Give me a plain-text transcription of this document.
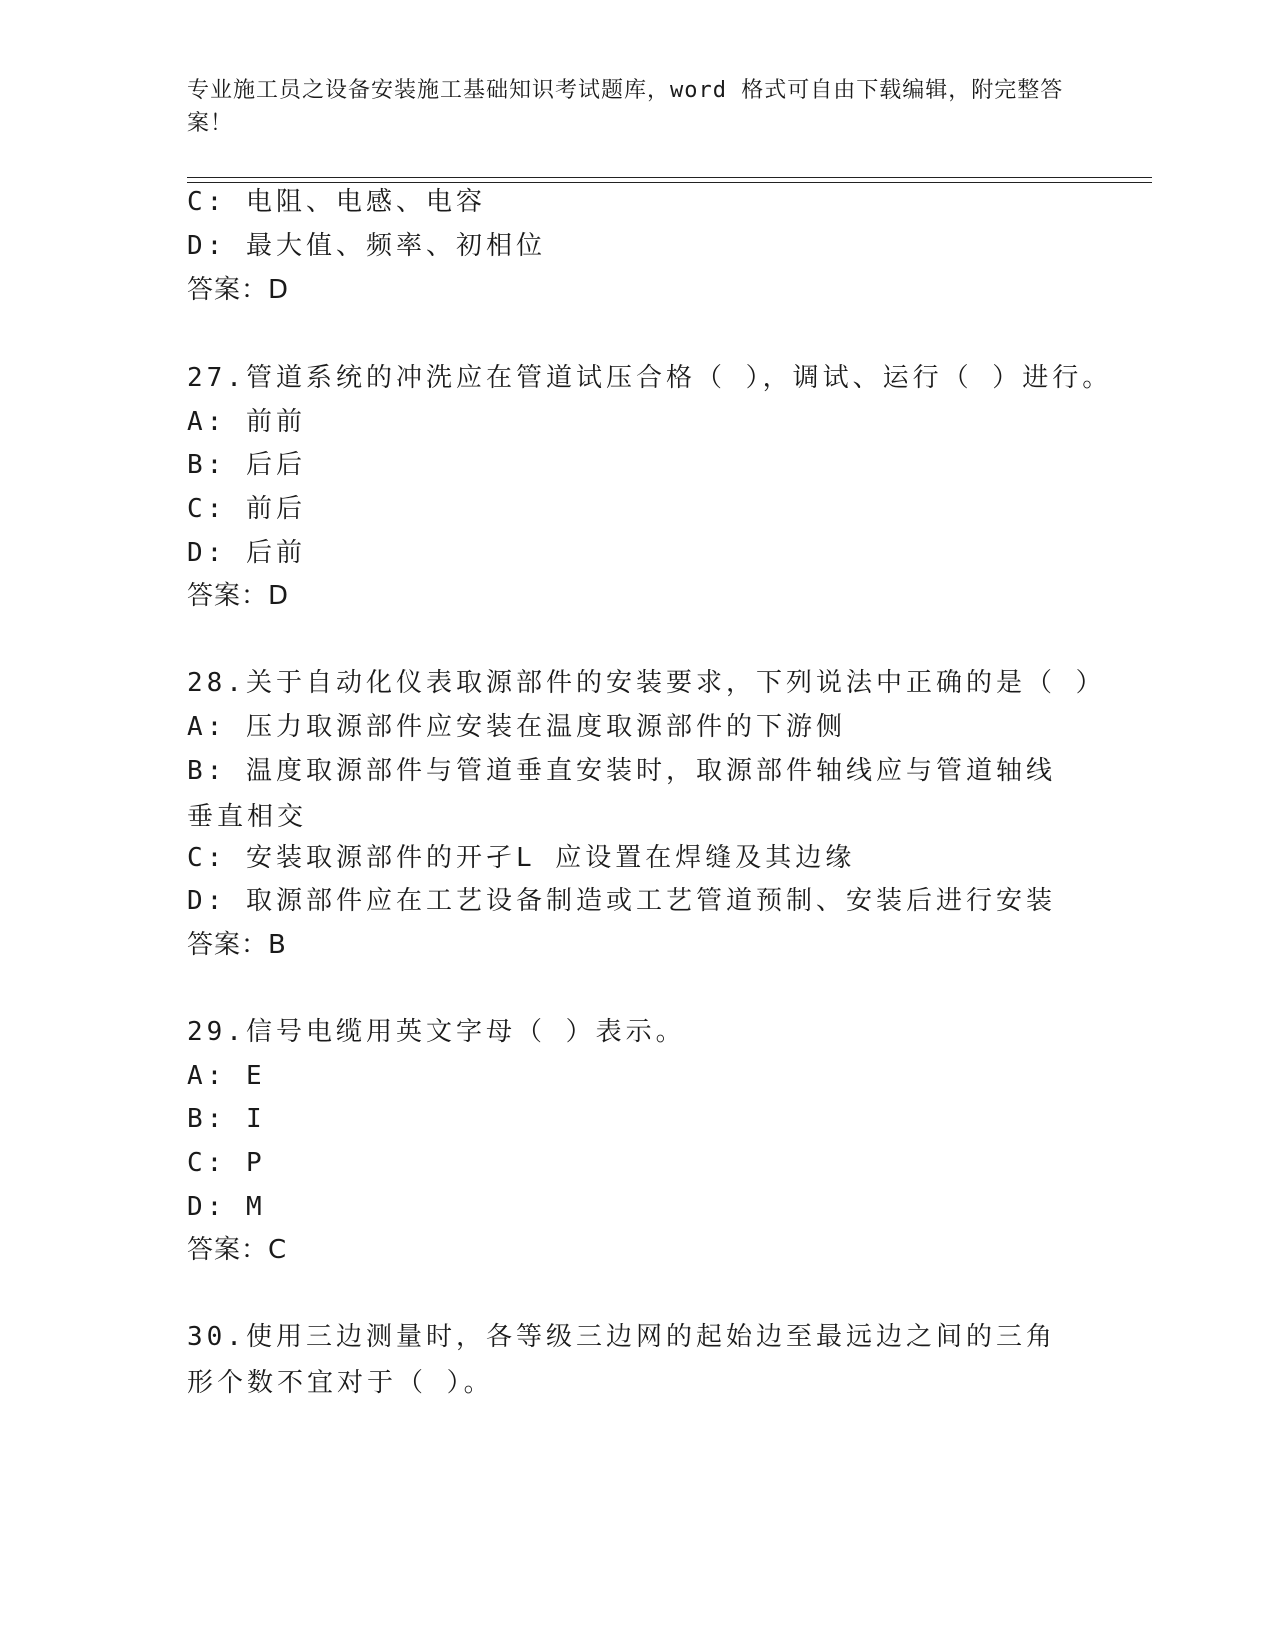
专业施工员之设备安装施工基础知识考试题库，word 格式可自由下载编辑，附完整答案！
C: 电阻、电感、电容
D: 最大值、频率、初相位
答案：D
27.管道系统的冲洗应在管道试压合格（ ），调试、运行（ ）进行。
A: 前前
B: 后后
C: 前后
D: 后前
答案：D
28.关于自动化仪表取源部件的安装要求，下列说法中正确的是（ ）
A: 压力取源部件应安装在温度取源部件的下游侧
B: 温度取源部件与管道垂直安装时，取源部件轴线应与管道轴线垂直相交
C: 安装取源部件的开孑L 应设置在焊缝及其边缘
D: 取源部件应在工艺设备制造或工艺管道预制、安装后进行安装
答案：B
29.信号电缆用英文字母（ ）表示。
A: E
B: I
C: P
D: M
答案：C
30.使用三边测量时，各等级三边网的起始边至最远边之间的三角形个数不宜对于（ ）。
